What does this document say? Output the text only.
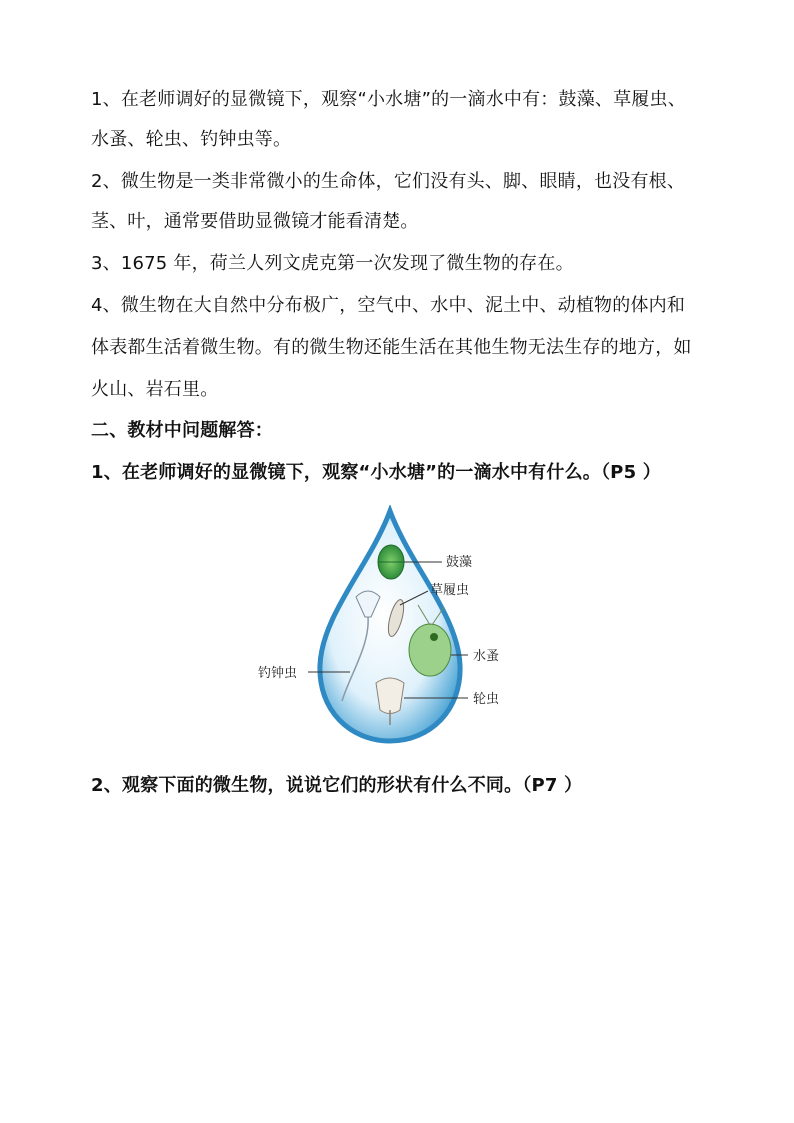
1、在老师调好的显微镜下，观察“小水塘”的一滴水中有：鼓藻、草履虫、
水蚤、轮虫、钓钟虫等。
2、微生物是一类非常微小的生命体，它们没有头、脚、眼睛，也没有根、
茎、叶，通常要借助显微镜才能看清楚。
3、1675 年，荷兰人列文虎克第一次发现了微生物的存在。
4、微生物在大自然中分布极广，空气中、水中、泥土中、动植物的体内和
体表都生活着微生物。有的微生物还能生活在其他生物无法生存的地方，如
火山、岩石里。
二、教材中问题解答：
1、在老师调好的显微镜下，观察“小水塘”的一滴水中有什么。（P5 ）
鼓藻
草履虫
水蚤
轮虫
钓钟虫
2、观察下面的微生物，说说它们的形状有什么不同。（P7 ）
